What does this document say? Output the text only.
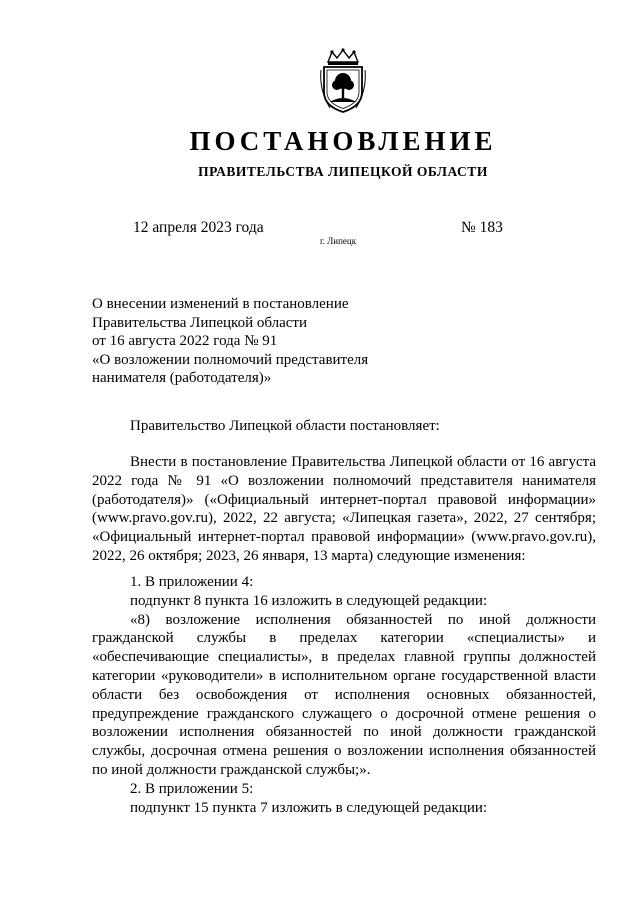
ПОСТАНОВЛЕНИЕ
ПРАВИТЕЛЬСТВА ЛИПЕЦКОЙ ОБЛАСТИ
12 апреля 2023 года
г. Липецк
№ 183
О внесении изменений в постановление
Правительства Липецкой области
от 16 августа 2022 года № 91
«О возложении полномочий представителя
нанимателя (работодателя)»

Правительство Липецкой области постановляет:

Внести в постановление Правительства Липецкой области от 16 августа 2022 года № 91 «О возложении полномочий представителя нанимателя (работодателя)» («Официальный интернет-портал правовой информации» (www.pravo.gov.ru), 2022, 22 августа; «Липецкая газета», 2022, 27 сентября; «Официальный интернет-портал правовой информации» (www.pravo.gov.ru), 2022, 26 октября; 2023, 26 января, 13 марта) следующие изменения:

1. В приложении 4:

подпункт 8 пункта 16 изложить в следующей редакции:

«8) возложение исполнения обязанностей по иной должности гражданской службы в пределах категории «специалисты» и «обеспечивающие специалисты», в пределах главной группы должностей категории «руководители» в исполнительном органе государственной власти области без освобождения от исполнения основных обязанностей, предупреждение гражданского служащего о досрочной отмене решения о возложении исполнения обязанностей по иной должности гражданской службы, досрочная отмена решения о возложении исполнения обязанностей по иной должности гражданской службы;».

2. В приложении 5:

подпункт 15 пункта 7 изложить в следующей редакции:
